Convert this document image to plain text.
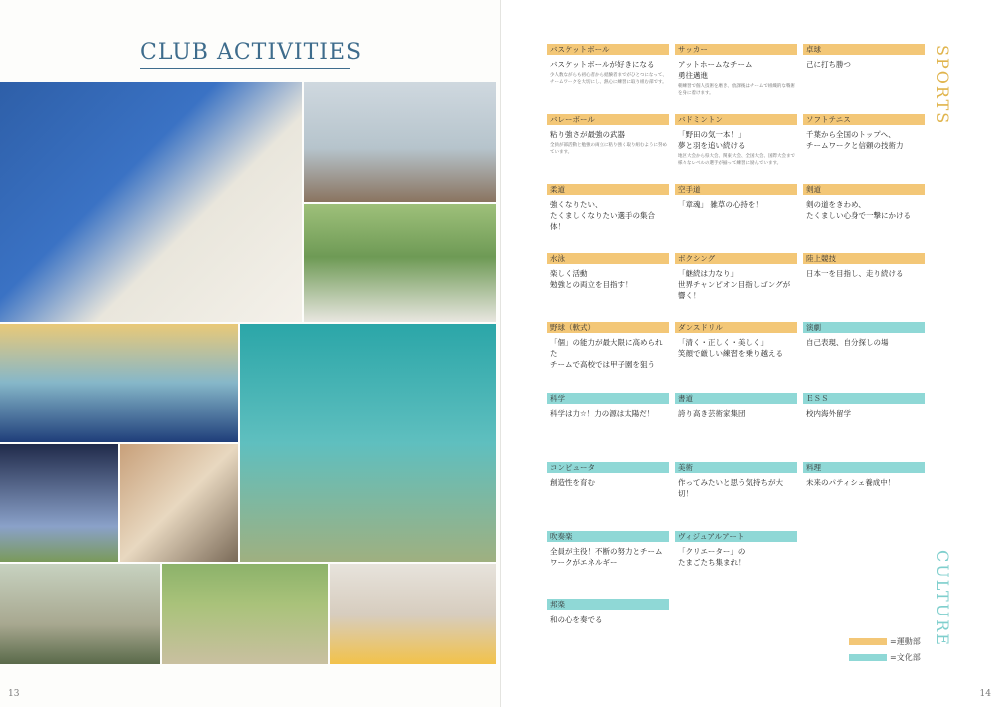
CLUB ACTIVITIES
13
バスケットボール
バスケットボールが好きになる
少人数ながらも初心者から経験者までがひとつになって、チームワークを大切にし、熱心に練習に取り組む部です。
サッカー
アットホームなチーム
勇往邁進
朝練習で個人技術を磨き、放課後はチームで組織的な戦術を身に着けます。
卓球
己に打ち勝つ
バレーボール
粘り強さが最強の武器
全員が部活動と勉強の両立に粘り強く取り組むように努めています。
バドミントン
「野田の気一本！」
夢と羽を追い続ける
地区大会から県大会、関東大会、全国大会、国際大会まで様々なレベルの選手が揃って練習に励んでいます。
ソフトテニス
千葉から全国のトップへ、
チームワークと信頼の技術力
柔道
強くなりたい、
たくましくなりたい選手の集合体！
空手道
「章魂」 雑草の心持を！
剣道
剣の道をきわめ、
たくましい心身で一撃にかける
水泳
楽しく活動
勉強との両立を目指す！
ボクシング
「継続は力なり」
世界チャンピオン目指しゴングが響く！
陸上競技
日本一を目指し、走り続ける
野球（軟式）
「個」の能力が最大限に高められた
チームで高校では甲子園を狙う
ダンスドリル
「清く・正しく・美しく」
笑顔で厳しい練習を乗り越える
演劇
自己表現、自分探しの場
科学
科学は力☆！力の源は太陽だ！
書道
誇り高き芸術家集団
ＥＳＳ
校内海外留学
コンピュータ
創造性を育む
美術
作ってみたいと思う気持ちが大切！
料理
未来のパティシェ養成中！
吹奏楽
全員が主役！不断の努力とチーム
ワークがエネルギー
ヴィジュアルアート
「クリエーター」の
たまごたち集まれ！
邦楽
和の心を奏でる
SPORTS
CULTURE
=運動部
=文化部
14
